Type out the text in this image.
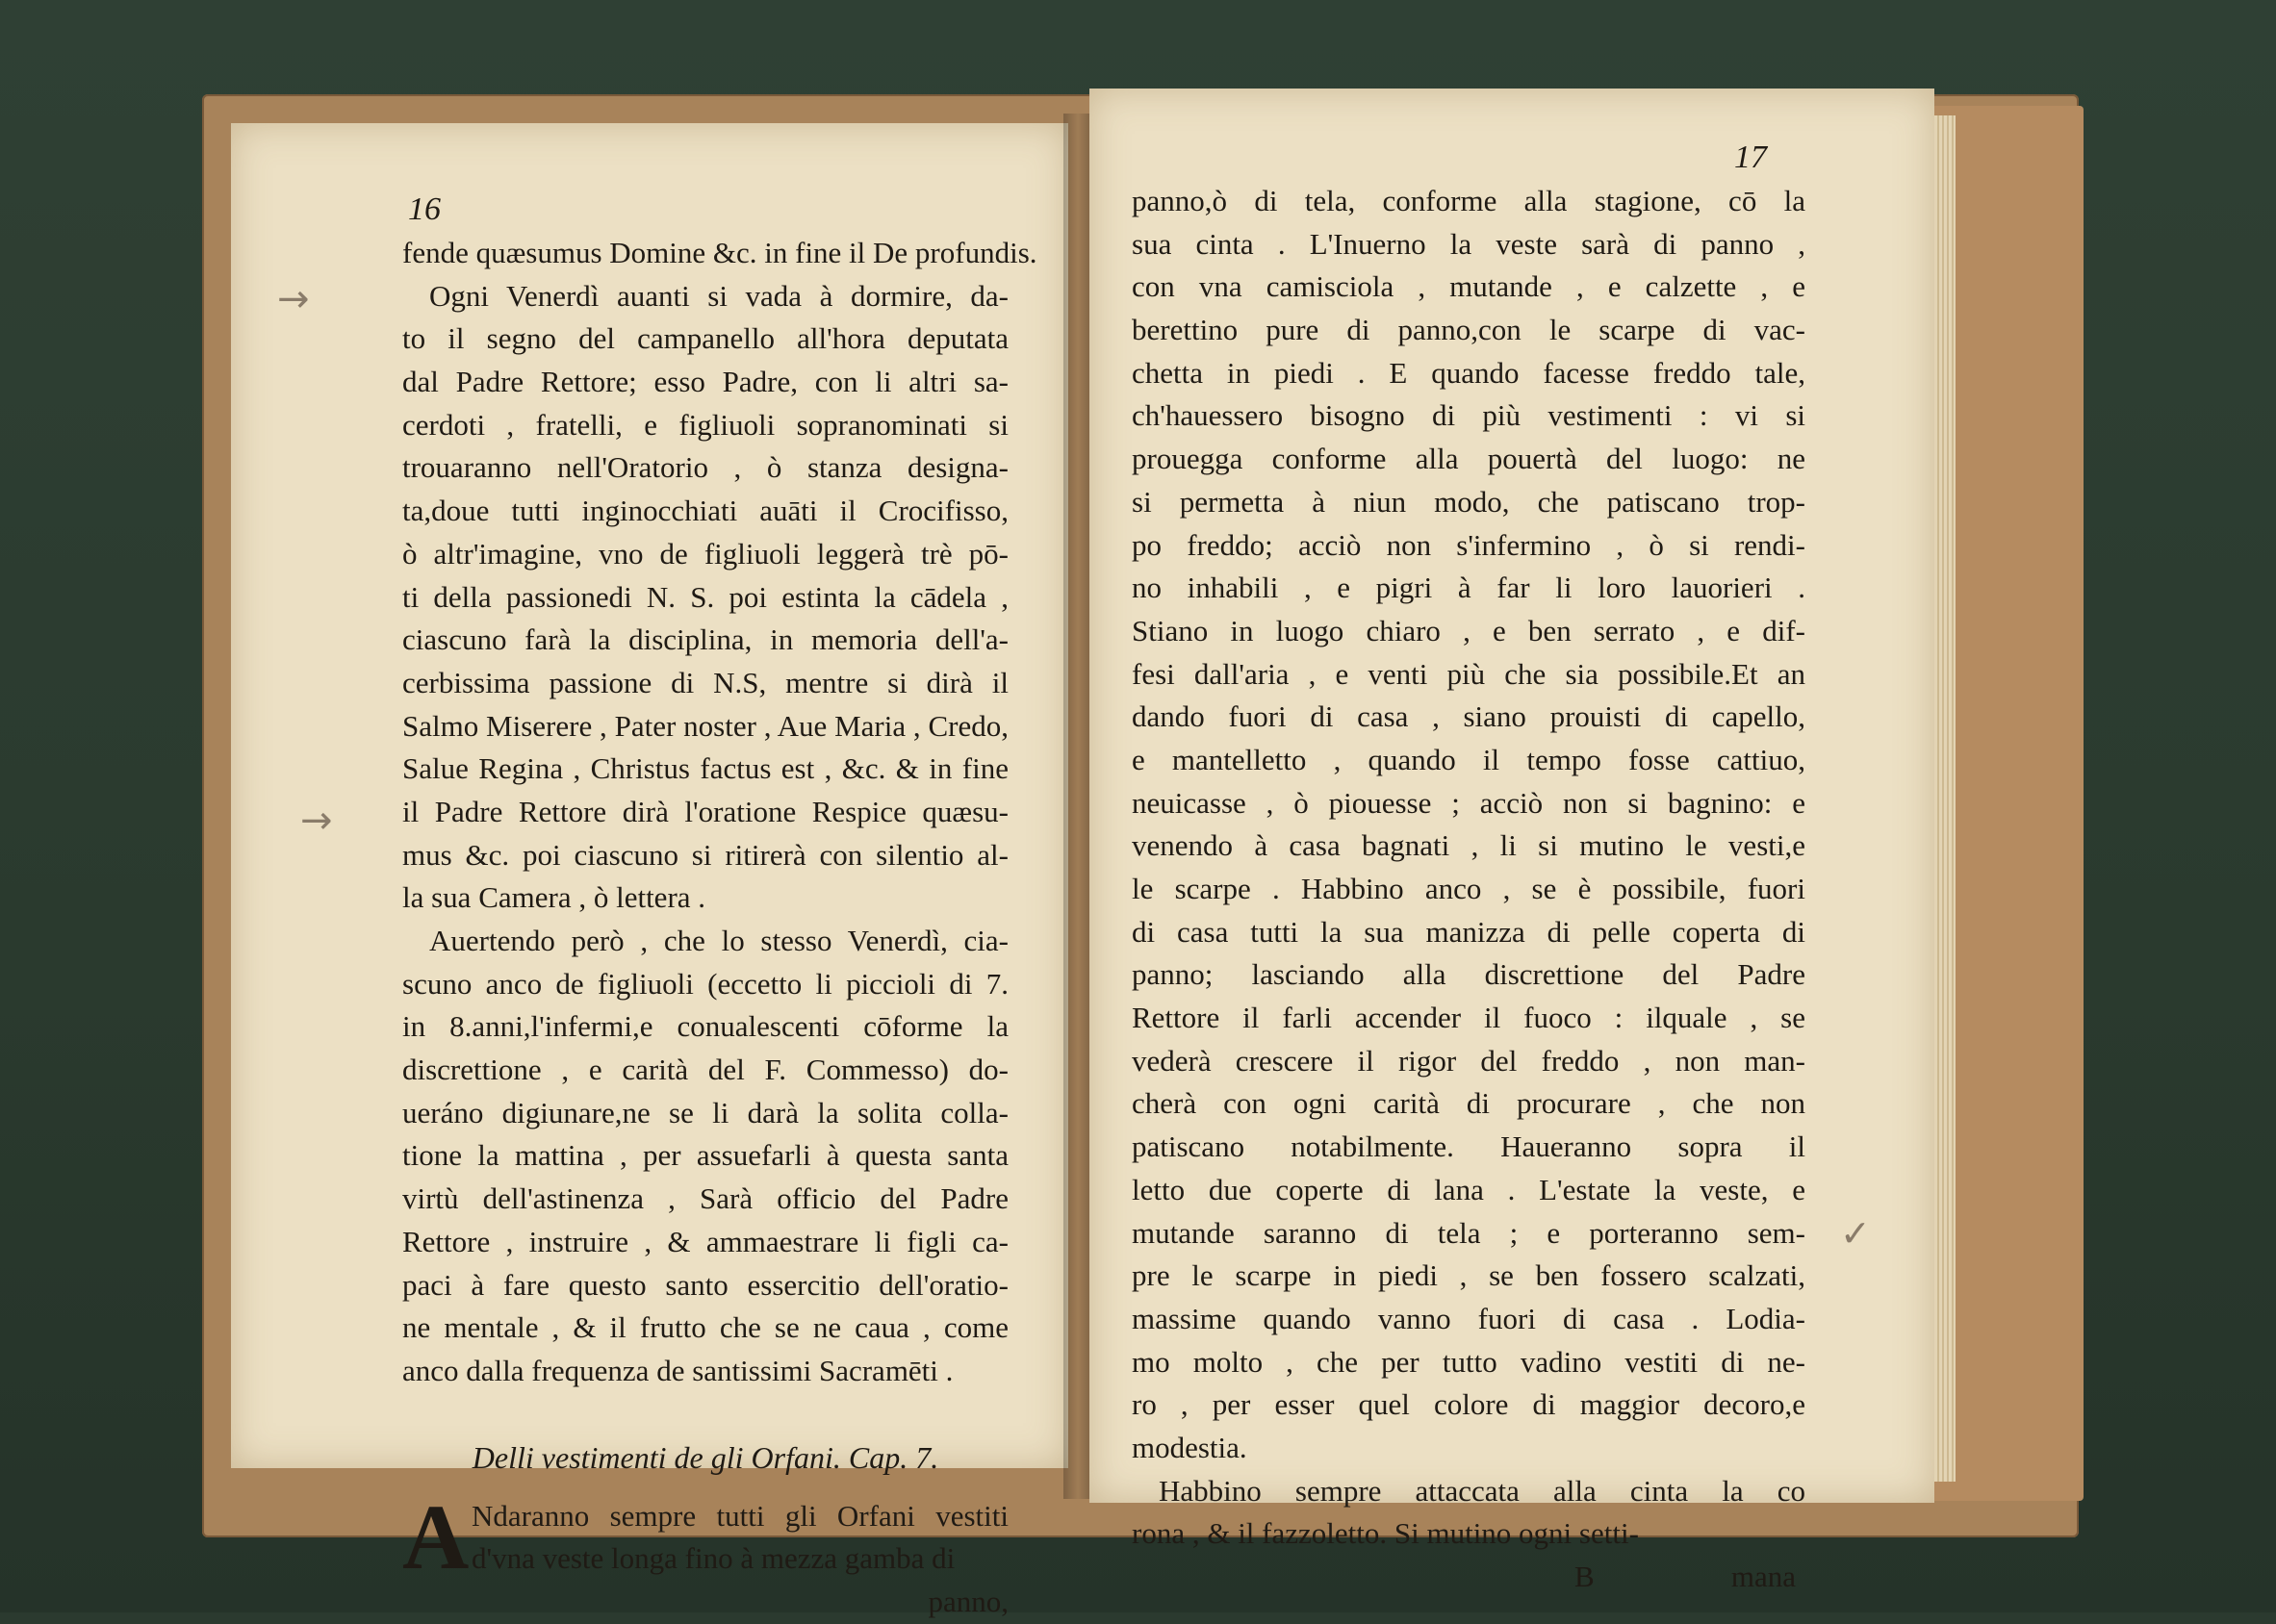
16
fende quæsumus Domine &c. in fine il De profundis.
Ogni Venerdì auanti si vada à dormire, da-
to il segno del campanello all'hora deputata
dal Padre Rettore; esso Padre, con li altri sa-
cerdoti , fratelli, e figliuoli sopranominati si
trouaranno nell'Oratorio , ò stanza designa-
ta,doue tutti inginocchiati auāti il Crocifisso,
ò altr'imagine, vno de figliuoli leggerà trè pō-
ti della passionedi N. S. poi estinta la cādela ,
ciascuno farà la disciplina, in memoria dell'a-
cerbissima passione di N.S, mentre si dirà il
Salmo Miserere , Pater noster , Aue Maria , Credo,
Salue Regina , Christus factus est , &c. & in fine
il Padre Rettore dirà l'oratione Respice quæsu-
mus &c. poi ciascuno si ritirerà con silentio al-
la sua Camera , ò lettera .
Auertendo però , che lo stesso Venerdì, cia-
scuno anco de figliuoli (eccetto li piccioli di 7.
in 8.anni,l'infermi,e conualescenti cōforme la
discrettione , e carità del F. Commesso) do-
ueráno digiunare,ne se li darà la solita colla-
tione la mattina , per assuefarli à questa santa
virtù dell'astinenza , Sarà officio del Padre
Rettore , instruire , & ammaestrare li figli ca-
paci à fare questo santo essercitio dell'oratio-
ne mentale , & il frutto che se ne caua , come
anco dalla frequenza de santissimi Sacramēti .
Delli vestimenti de gli Orfani. Cap. 7.
A Ndaranno sempre tutti gli Orfani vestiti
d'vna veste longa fino à mezza gamba di
panno,
→
→
17
panno,ò di tela, conforme alla stagione, cō la
sua cinta . L'Inuerno la veste sarà di panno ,
con vna camisciola , mutande , e calzette , e
berettino pure di panno,con le scarpe di vac-
chetta in piedi . E quando facesse freddo tale,
ch'hauessero bisogno di più vestimenti : vi si
prouegga conforme alla pouertà del luogo: ne
si permetta à niun modo, che patiscano trop-
po freddo; acciò non s'infermino , ò si rendi-
no inhabili , e pigri à far li loro lauorieri .
Stiano in luogo chiaro , e ben serrato , e dif-
fesi dall'aria , e venti più che sia possibile.Et an
dando fuori di casa , siano prouisti di capello,
e mantelletto , quando il tempo fosse cattiuo,
neuicasse , ò piouesse ; acciò non si bagnino: e
venendo à casa bagnati , li si mutino le vesti,e
le scarpe . Habbino anco , se è possibile, fuori
di casa tutti la sua manizza di pelle coperta di
panno; lasciando alla discrettione del Padre
Rettore il farli accender il fuoco : ilquale , se
vederà crescere il rigor del freddo , non man-
cherà con ogni carità di procurare , che non
patiscano notabilmente. Haueranno sopra il
letto due coperte di lana . L'estate la veste, e
mutande saranno di tela ; e porteranno sem-
pre le scarpe in piedi , se ben fossero scalzati,
massime quando vanno fuori di casa . Lodia-
mo molto , che per tutto vadino vestiti di ne-
ro , per esser quel colore di maggior decoro,e
modestia.
Habbino sempre attaccata alla cinta la co
rona , & il fazzoletto. Si mutino ogni setti-
B	mana
✓
